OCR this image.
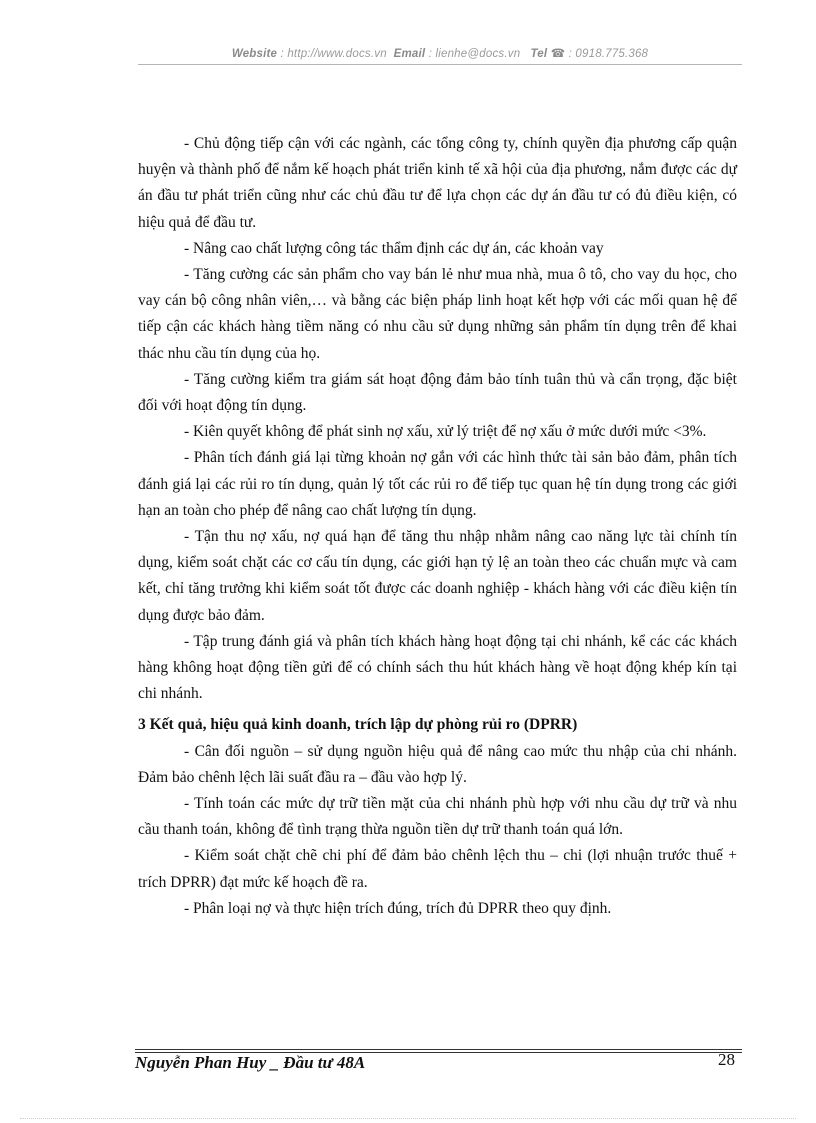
Website : http://www.docs.vn Email : lienhe@docs.vn Tel ☎ : 0918.775.368

- Chủ động tiếp cận với các ngành, các tổng công ty, chính quyền địa phương cấp quận huyện và thành phố để nắm kế hoạch phát triển kinh tế xã hội của địa phương, nắm được các dự án đầu tư phát triển cũng như các chủ đầu tư để lựa chọn các dự án đầu tư có đủ điều kiện, có hiệu quả để đầu tư.

- Nâng cao chất lượng công tác thẩm định các dự án, các khoản vay

- Tăng cường các sản phẩm cho vay bán lẻ như mua nhà, mua ô tô, cho vay du học, cho vay cán bộ công nhân viên,… và bằng các biện pháp linh hoạt kết hợp với các mối quan hệ để tiếp cận các khách hàng tiềm năng có nhu cầu sử dụng những sản phẩm tín dụng trên để khai thác nhu cầu tín dụng của họ.

- Tăng cường kiểm tra giám sát hoạt động đảm bảo tính tuân thủ và cẩn trọng, đặc biệt đối với hoạt động tín dụng.

- Kiên quyết không để phát sinh nợ xấu, xử lý triệt để nợ xấu ở mức dưới mức <3%.

- Phân tích đánh giá lại từng khoản nợ gắn với các hình thức tài sản bảo đảm, phân tích đánh giá lại các rủi ro tín dụng, quản lý tốt các rủi ro để tiếp tục quan hệ tín dụng trong các giới hạn an toàn cho phép để nâng cao chất lượng tín dụng.

- Tận thu nợ xấu, nợ quá hạn để tăng thu nhập nhằm nâng cao năng lực tài chính tín dụng, kiểm soát chặt các cơ cấu tín dụng, các giới hạn tỷ lệ an toàn theo các chuẩn mực và cam kết, chỉ tăng trưởng khi kiểm soát tốt được các doanh nghiệp - khách hàng với các điều kiện tín dụng được bảo đảm.

- Tập trung đánh giá và phân tích khách hàng hoạt động tại chi nhánh, kể các các khách hàng không hoạt động tiền gửi để có chính sách thu hút khách hàng về hoạt động khép kín tại chi nhánh.

3 Kết quả, hiệu quả kinh doanh, trích lập dự phòng rủi ro (DPRR)

- Cân đối nguồn – sử dụng nguồn hiệu quả để nâng cao mức thu nhập của chi nhánh. Đảm bảo chênh lệch lãi suất đầu ra – đầu vào hợp lý.

- Tính toán các mức dự trữ tiền mặt của chi nhánh phù hợp với nhu cầu dự trữ và nhu cầu thanh toán, không để tình trạng thừa nguồn tiền dự trữ thanh toán quá lớn.

- Kiểm soát chặt chẽ chi phí để đảm bảo chênh lệch thu – chi (lợi nhuận trước thuế + trích DPRR) đạt mức kế hoạch đề ra.

- Phân loại nợ và thực hiện trích đúng, trích đủ DPRR theo quy định.

Nguyễn Phan Huy _ Đầu tư 48A	28
